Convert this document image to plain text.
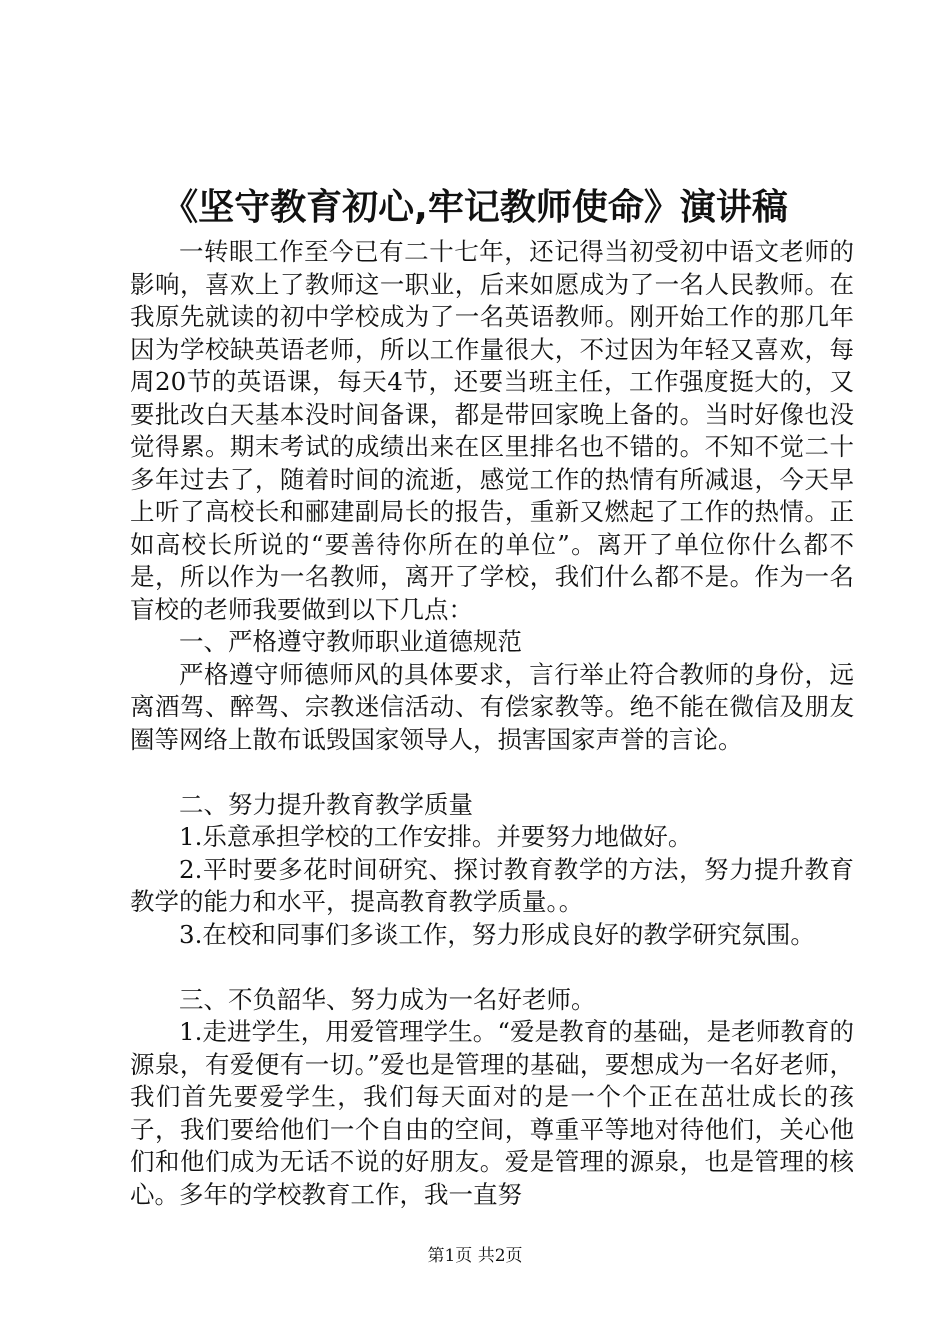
《坚守教育初心,牢记教师使命》演讲稿

一转眼工作至今已有二十七年，还记得当初受初中语文老师的影响，喜欢上了教师这一职业，后来如愿成为了一名人民教师。在我原先就读的初中学校成为了一名英语教师。刚开始工作的那几年因为学校缺英语老师，所以工作量很大，不过因为年轻又喜欢，每周20节的英语课，每天4节，还要当班主任，工作强度挺大的，又要批改白天基本没时间备课，都是带回家晚上备的。当时好像也没觉得累。期末考试的成绩出来在区里排名也不错的。不知不觉二十多年过去了，随着时间的流逝，感觉工作的热情有所减退，今天早上听了高校长和郦建副局长的报告，重新又燃起了工作的热情。正如高校长所说的“要善待你所在的单位”。离开了单位你什么都不是，所以作为一名教师，离开了学校，我们什么都不是。作为一名盲校的老师我要做到以下几点：

一、严格遵守教师职业道德规范

严格遵守师德师风的具体要求，言行举止符合教师的身份，远离酒驾、醉驾、宗教迷信活动、有偿家教等。绝不能在微信及朋友圈等网络上散布诋毁国家领导人，损害国家声誉的言论。

二、努力提升教育教学质量

1.乐意承担学校的工作安排。并要努力地做好。

2.平时要多花时间研究、探讨教育教学的方法，努力提升教育教学的能力和水平，提高教育教学质量。。

3.在校和同事们多谈工作，努力形成良好的教学研究氛围。

三、不负韶华、努力成为一名好老师。

1.走进学生，用爱管理学生。“爱是教育的基础，是老师教育的源泉，有爱便有一切。”爱也是管理的基础，要想成为一名好老师，我们首先要爱学生，我们每天面对的是一个个正在茁壮成长的孩子，我们要给他们一个自由的空间，尊重平等地对待他们，关心他们和他们成为无话不说的好朋友。爱是管理的源泉，也是管理的核心。多年的学校教育工作，我一直努

第1页 共2页
